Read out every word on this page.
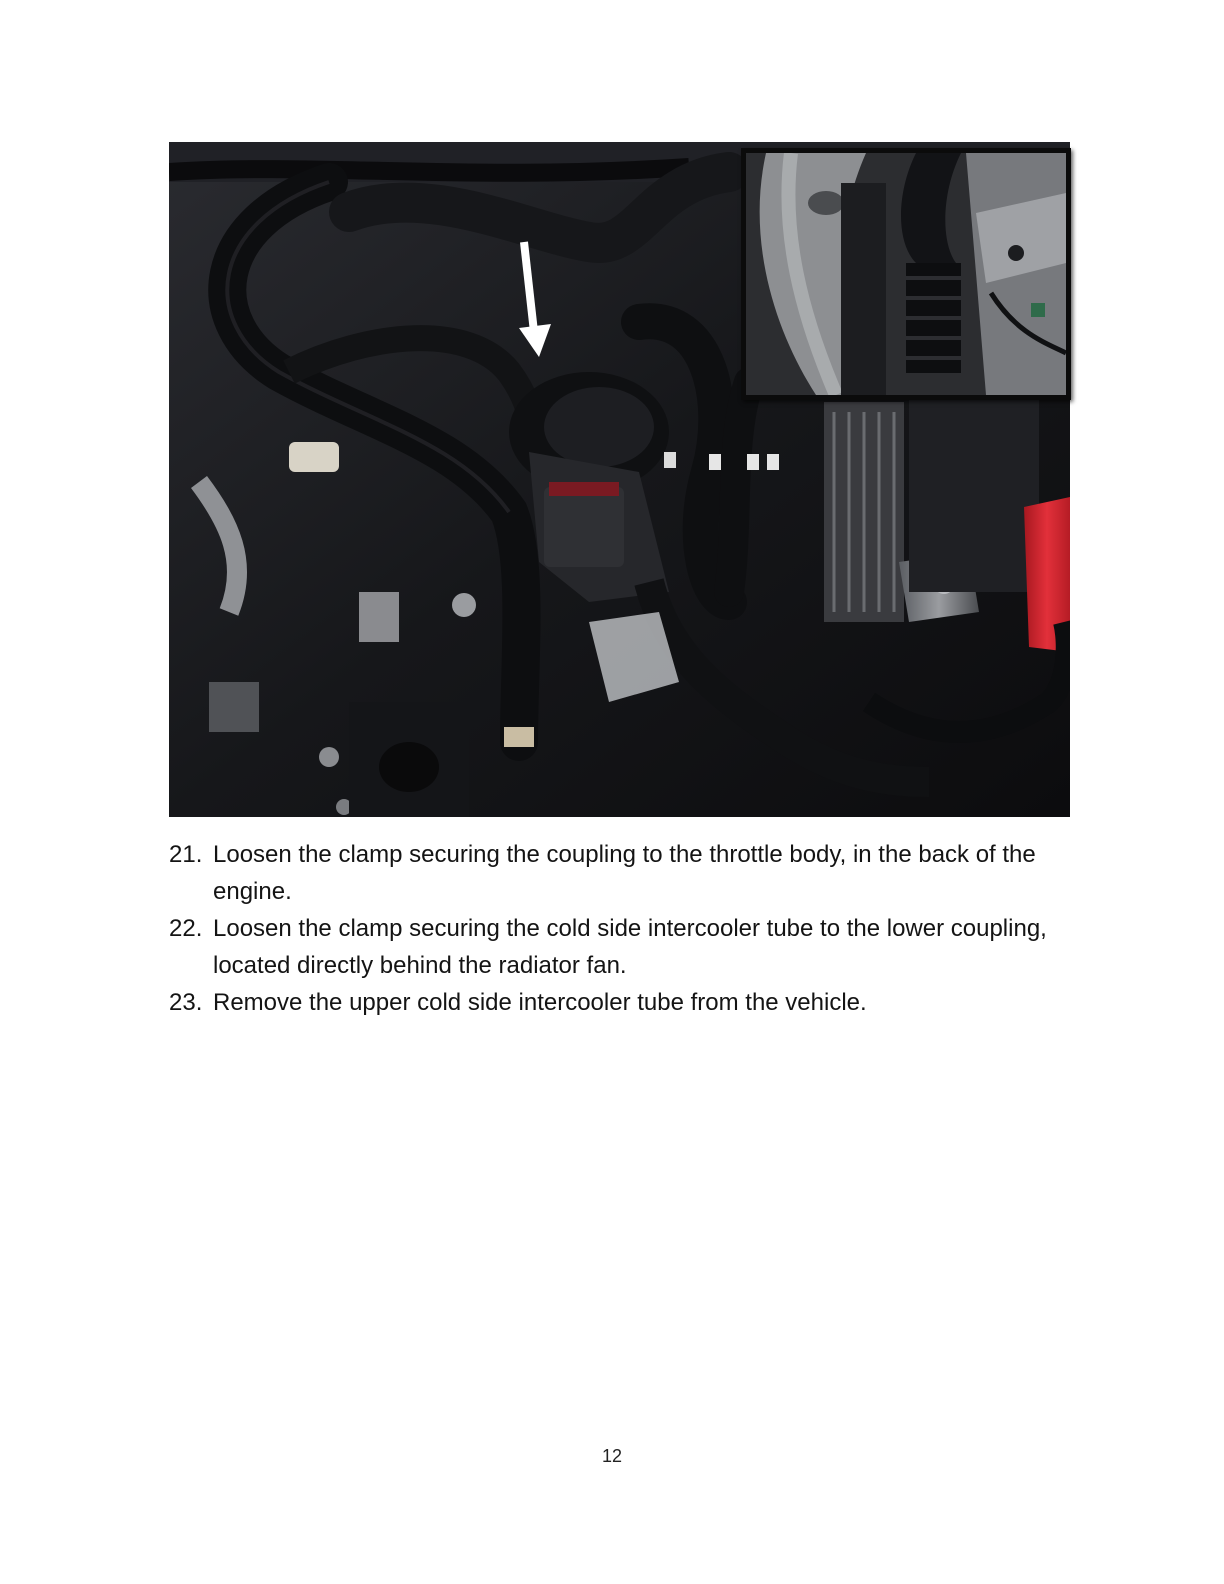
21. Loosen the clamp securing the coupling to the throttle body, in the back of the engine.
22. Loosen the clamp securing the cold side intercooler tube to the lower coupling, located directly behind the radiator fan.
23. Remove the upper cold side intercooler tube from the vehicle.
12
